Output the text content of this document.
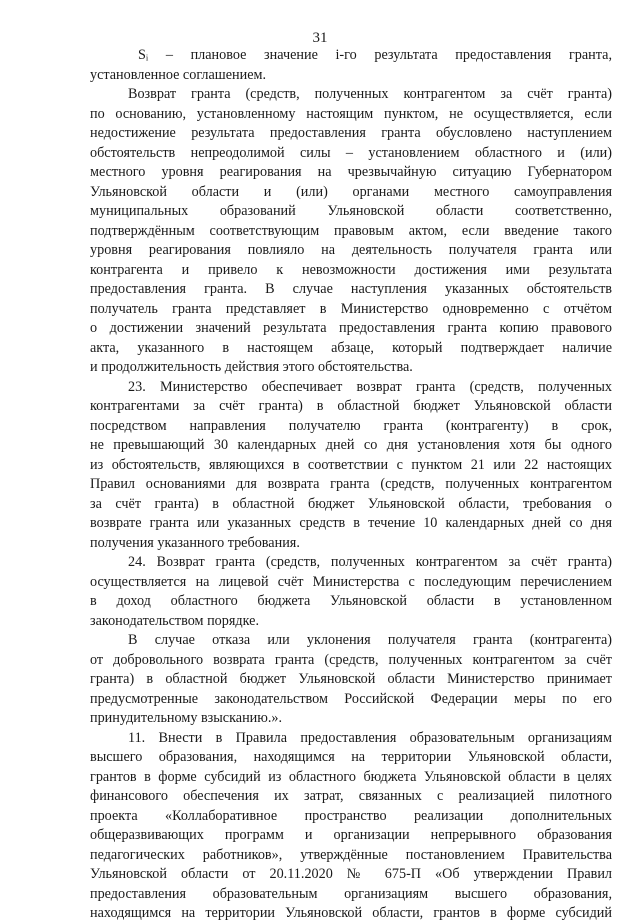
31
Sᵢ – плановое значение i-го результата предоставления гранта,
установленное соглашением.
Возврат гранта (средств, полученных контрагентом за счёт гранта)
по основанию, установленному настоящим пунктом, не осуществляется, если
недостижение результата предоставления гранта обусловлено наступлением
обстоятельств непреодолимой силы – установлением областного и (или)
местного уровня реагирования на чрезвычайную ситуацию Губернатором
Ульяновской области и (или) органами местного самоуправления
муниципальных образований Ульяновской области соответственно,
подтверждённым соответствующим правовым актом, если введение такого
уровня реагирования повлияло на деятельность получателя гранта или
контрагента и привело к невозможности достижения ими результата
предоставления гранта. В случае наступления указанных обстоятельств
получатель гранта представляет в Министерство одновременно с отчётом
о достижении значений результата предоставления гранта копию правового
акта, указанного в настоящем абзаце, который подтверждает наличие
и продолжительность действия этого обстоятельства.
23. Министерство обеспечивает возврат гранта (средств, полученных
контрагентами за счёт гранта) в областной бюджет Ульяновской области
посредством направления получателю гранта (контрагенту) в срок,
не превышающий 30 календарных дней со дня установления хотя бы одного
из обстоятельств, являющихся в соответствии с пунктом 21 или 22 настоящих
Правил основаниями для возврата гранта (средств, полученных контрагентом
за счёт гранта) в областной бюджет Ульяновской области, требования о
возврате гранта или указанных средств в течение 10 календарных дней со дня
получения указанного требования.
24. Возврат гранта (средств, полученных контрагентом за счёт гранта)
осуществляется на лицевой счёт Министерства с последующим перечислением
в доход областного бюджета Ульяновской области в установленном
законодательством порядке.
В случае отказа или уклонения получателя гранта (контрагента)
от добровольного возврата гранта (средств, полученных контрагентом за счёт
гранта) в областной бюджет Ульяновской области Министерство принимает
предусмотренные законодательством Российской Федерации меры по его
принудительному взысканию.».
11. Внести в Правила предоставления образовательным организациям
высшего образования, находящимся на территории Ульяновской области,
грантов в форме субсидий из областного бюджета Ульяновской области в целях
финансового обеспечения их затрат, связанных с реализацией пилотного
проекта «Коллаборативное пространство реализации дополнительных
общеразвивающих программ и организации непрерывного образования
педагогических работников», утверждённые постановлением Правительства
Ульяновской области от 20.11.2020 № 675-П «Об утверждении Правил
предоставления образовательным организациям высшего образования,
находящимся на территории Ульяновской области, грантов в форме субсидий
